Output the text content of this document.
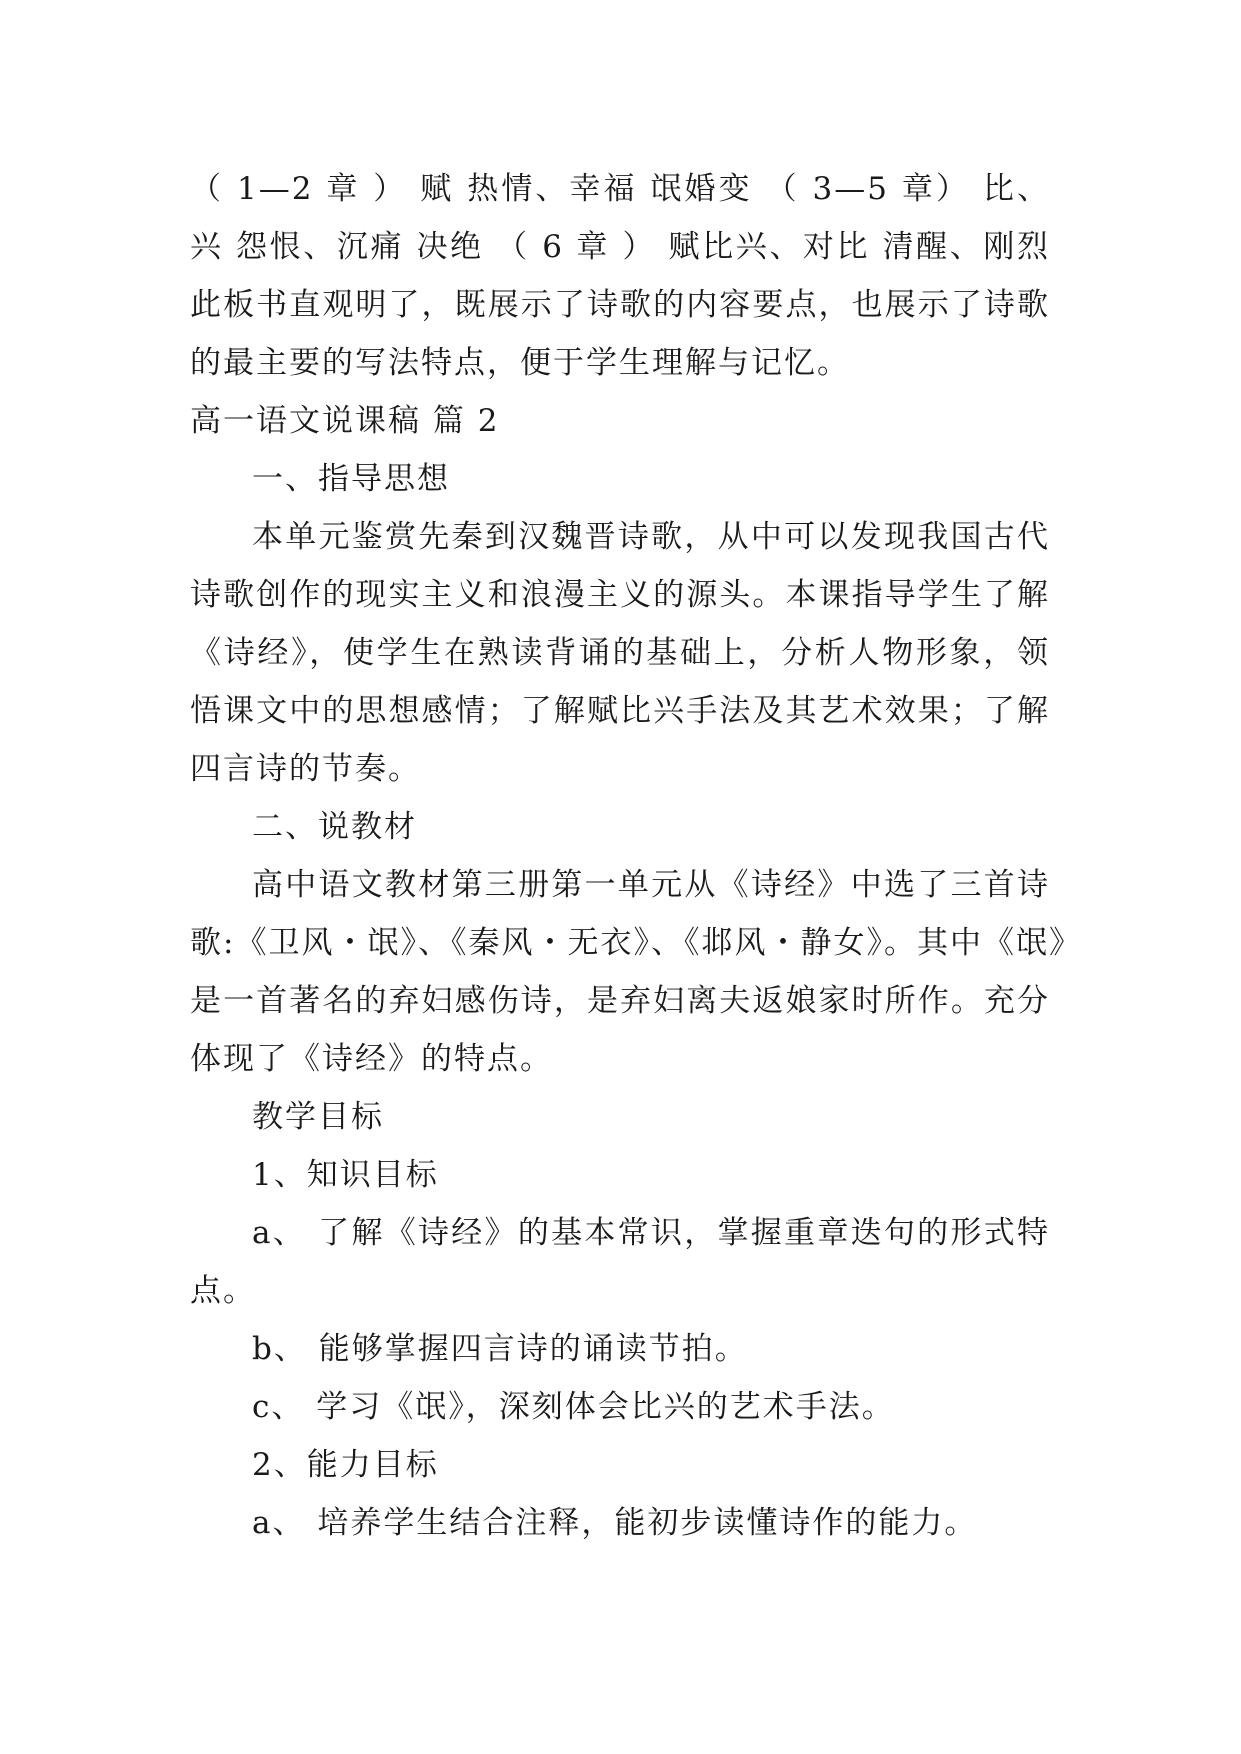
（ 1—2 章 ） 赋 热情、幸福 氓婚变 （ 3—5 章） 比、
兴 怨恨、沉痛 决绝 （ 6 章 ） 赋比兴、对比 清醒、刚烈
此板书直观明了，既展示了诗歌的内容要点，也展示了诗歌
的最主要的写法特点，便于学生理解与记忆。
高一语文说课稿 篇 2
一、指导思想
本单元鉴赏先秦到汉魏晋诗歌，从中可以发现我国古代
诗歌创作的现实主义和浪漫主义的源头。本课指导学生了解
《诗经》，使学生在熟读背诵的基础上，分析人物形象，领
悟课文中的思想感情；了解赋比兴手法及其艺术效果；了解
四言诗的节奏。
二、说教材
高中语文教材第三册第一单元从《诗经》中选了三首诗
歌:《卫风・氓》、《秦风・无衣》、《邶风・静女》。其中《氓》
是一首著名的弃妇感伤诗，是弃妇离夫返娘家时所作。充分
体现了《诗经》的特点。
教学目标
1、知识目标
a、 了解《诗经》的基本常识，掌握重章迭句的形式特
点。
b、 能够掌握四言诗的诵读节拍。
c、 学习《氓》，深刻体会比兴的艺术手法。
2、能力目标
a、 培养学生结合注释，能初步读懂诗作的能力。
